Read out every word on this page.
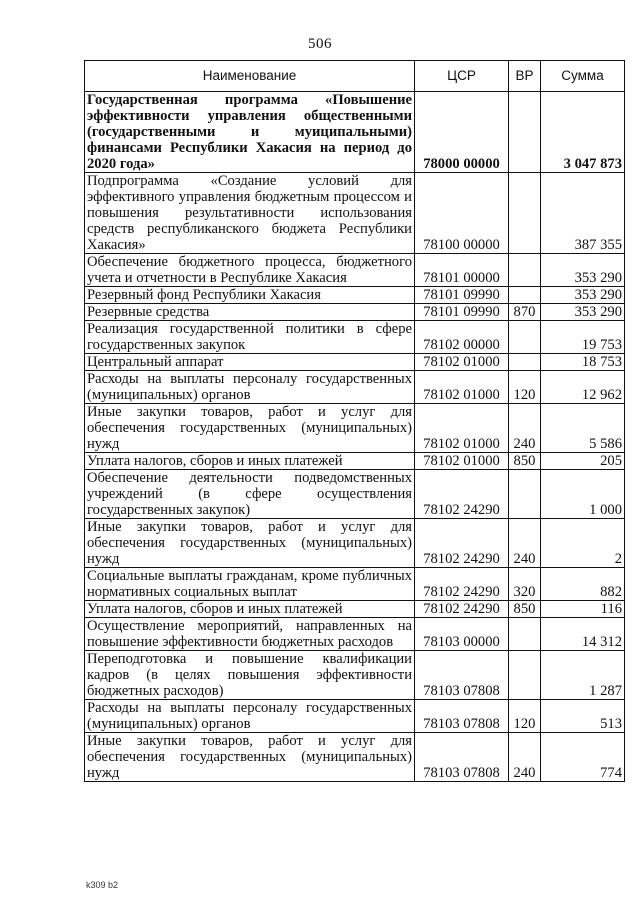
506
Наименование	ЦСР	ВР	Сумма
Государственная программа «Повышение эффективности управления общественными (государственными и муиципальными) финансами Республики Хакасия на период до 2020 года»	78000 00000		3 047 873
Подпрограмма «Создание условий для эффективного управления бюджетным процессом и повышения результативности использования средств республиканского бюджета Республики Хакасия»	78100 00000		387 355
Обеспечение бюджетного процесса, бюджетного учета и отчетности в Республике Хакасия	78101 00000		353 290
Резервный фонд Республики Хакасия	78101 09990		353 290
Резервные средства	78101 09990	870	353 290
Реализация государственной политики в сфере государственных закупок	78102 00000		19 753
Центральный аппарат	78102 01000		18 753
Расходы на выплаты персоналу государственных (муниципальных) органов	78102 01000	120	12 962
Иные закупки товаров, работ и услуг для обеспечения государственных (муниципальных) нужд	78102 01000	240	5 586
Уплата налогов, сборов и иных платежей	78102 01000	850	205
Обеспечение деятельности подведомственных учреждений (в сфере осуществления государственных закупок)	78102 24290		1 000
Иные закупки товаров, работ и услуг для обеспечения государственных (муниципальных) нужд	78102 24290	240	2
Социальные выплаты гражданам, кроме публичных нормативных социальных выплат	78102 24290	320	882
Уплата налогов, сборов и иных платежей	78102 24290	850	116
Осуществление мероприятий, направленных на повышение эффективности бюджетных расходов	78103 00000		14 312
Переподготовка и повышение квалификации кадров (в целях повышения эффективности бюджетных расходов)	78103 07808		1 287
Расходы на выплаты персоналу государственных (муниципальных) органов	78103 07808	120	513
Иные закупки товаров, работ и услуг для обеспечения государственных (муниципальных) нужд	78103 07808	240	774
k309 b2
